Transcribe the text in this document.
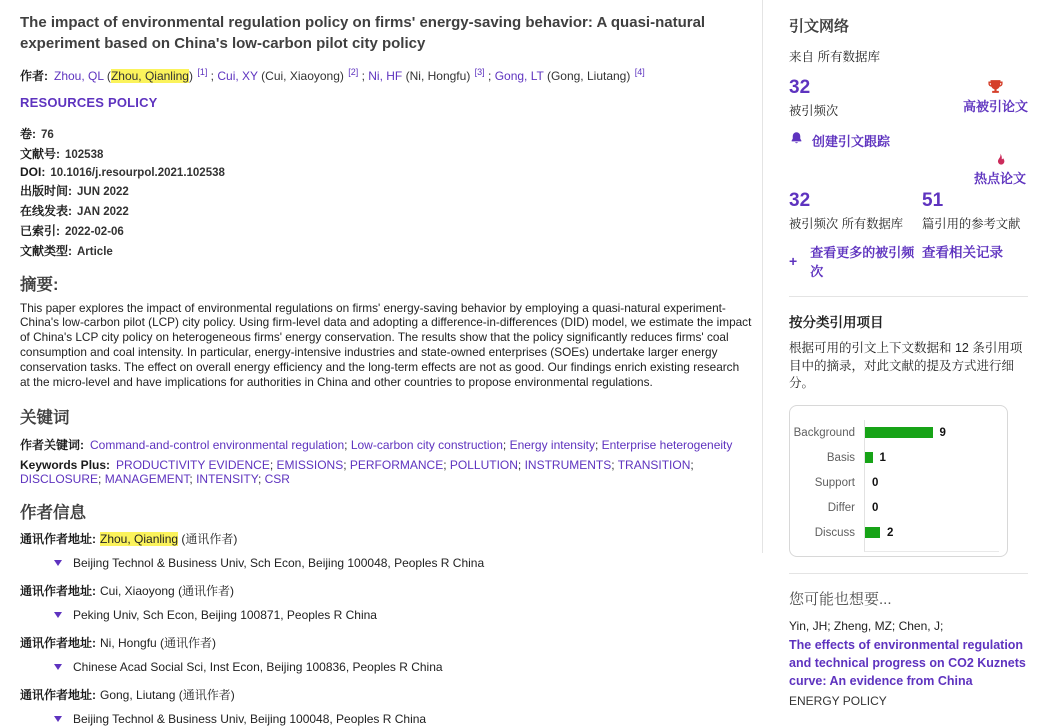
The impact of environmental regulation policy on firms' energy-saving behavior: A quasi-natural experiment based on China's low-carbon pilot city policy
作者: Zhou, QL ( Zhou, Qianling ) [1] ; Cui, XY ( Cui, Xiaoyong ) [2] ; Ni, HF ( Ni, Hongfu ) [3] ; Gong, LT ( Gong, Liutang ) [4]
RESOURCES POLICY
卷: 76
文献号: 102538
DOI: 10.1016/j.resourpol.2021.102538
出版时间: JUN 2022
在线发表: JAN 2022
已索引: 2022-02-06
文献类型: Article
摘要:

This paper explores the impact of environmental regulations on firms' energy-saving behavior by employing a quasi-natural experiment-China's low-carbon pilot (LCP) city policy. Using firm-level data and adopting a difference-in-differences (DID) model, we estimate the impact of China's LCP city policy on heterogeneous firms' energy conservation. The results show that the policy significantly reduces firms' coal consumption and coal intensity. In particular, energy-intensive industries and state-owned enterprises (SOEs) undertake larger energy conservation tasks. The effect on overall energy efficiency and the long-term effects are not as good. Our findings enrich existing research at the micro-level and have implications for authorities in China and other countries to propose environmental regulations.

关键词
作者关键词: Command-and-control environmental regulation ; Low-carbon city construction ; Energy intensity ; Enterprise heterogeneity
Keywords Plus: PRODUCTIVITY EVIDENCE ; EMISSIONS ; PERFORMANCE ; POLLUTION ; INSTRUMENTS ; TRANSITION ; DISCLOSURE ; MANAGEMENT ; INTENSITY ; CSR
作者信息
通讯作者地址: Zhou, Qianling (通讯作者)
Beijing Technol & Business Univ, Sch Econ, Beijing 100048, Peoples R China
通讯作者地址: Cui, Xiaoyong (通讯作者)
Peking Univ, Sch Econ, Beijing 100871, Peoples R China
通讯作者地址: Ni, Hongfu (通讯作者)
Chinese Acad Social Sci, Inst Econ, Beijing 100836, Peoples R China
通讯作者地址: Gong, Liutang (通讯作者)
Beijing Technol & Business Univ, Beijing 100048, Peoples R China
引文网络
来自 所有数据库
32
被引频次	高被引论文
创建引文跟踪
热点论文
32
被引频次 所有数据库
+
查看更多的被引频次
51
篇引用的参考文献
查看相关记录
按分类引用项目

根据可用的引文上下文数据和 12 条引用项目中的摘录，对此文献的提及方式进行细分。

Background
Basis
Support
Differ
Discuss
9
1
0
0
2
您可能也想要...
Yin, JH; Zheng, MZ; Chen, J;
The effects of environmental regulation and technical progress on CO2 Kuznets curve: An evidence from China
ENERGY POLICY
